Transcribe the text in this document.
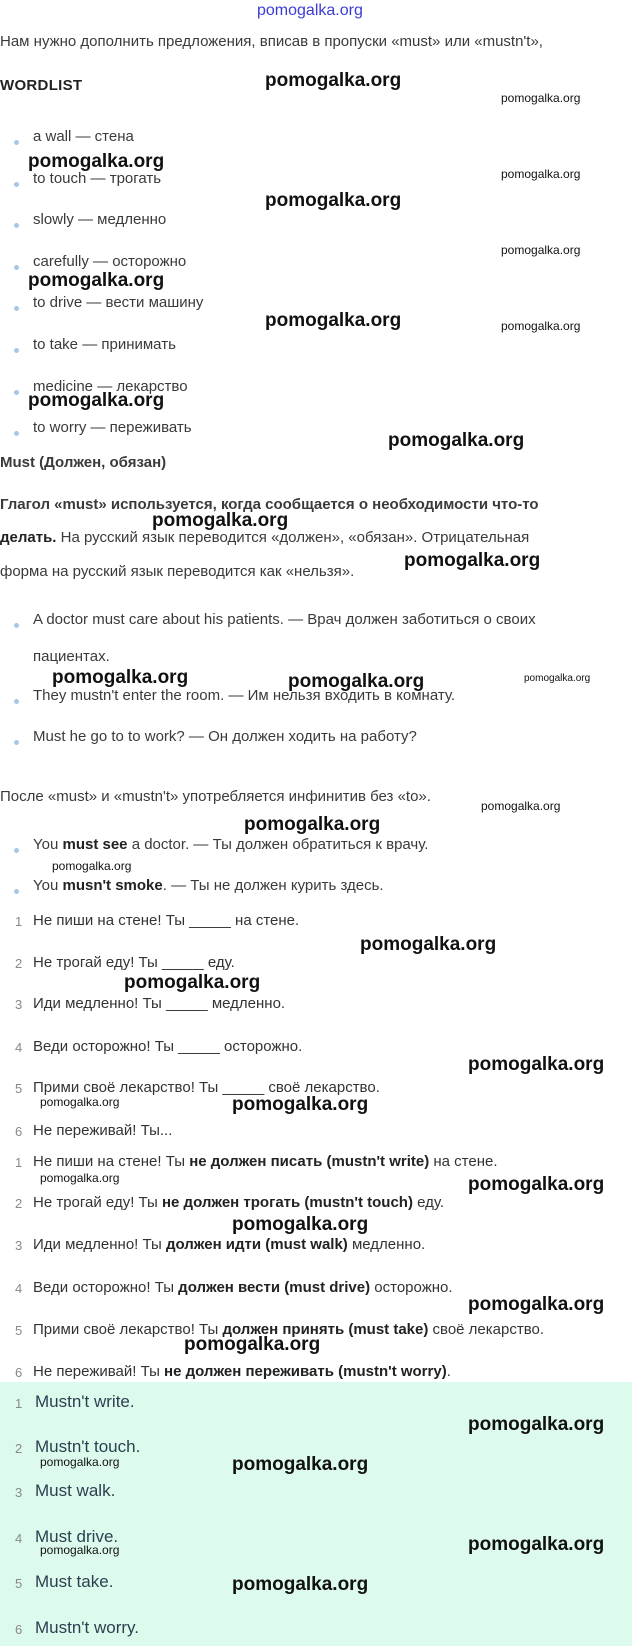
pomogalka.org
Нам нужно дополнить предложения, вписав в пропуски «must» или «mustn't»,
WORDLIST
a wall — стена
to touch — трогать
slowly — медленно
carefully — осторожно
to drive — вести машину
to take — принимать
medicine — лекарство
to worry — переживать
Must (Должен, обязан)
Глагол «must» используется, когда сообщается о необходимости что-то
делать. На русский язык переводится «должен», «обязан». Отрицательная
форма на русский язык переводится как «нельзя».
A doctor must care about his patients. — Врач должен заботиться о своих
пациентах.
They mustn't enter the room. — Им нельзя входить в комнату.
Must he go to to work? — Он должен ходить на работу?
После «must» и «mustn't» употребляется инфинитив без «to».
You must see a doctor. — Ты должен обратиться к врачу.
You musn't smoke. — Ты не должен курить здесь.
1 Не пиши на стене! Ты _____ на стене.
2 Не трогай еду! Ты _____ еду.
3 Иди медленно! Ты _____ медленно.
4 Веди осторожно! Ты _____ осторожно.
5 Прими своё лекарство! Ты _____ своё лекарство.
6 Не переживай! Ты...
1 Не пиши на стене! Ты не должен писать (mustn't write) на стене.
2 Не трогай еду! Ты не должен трогать (mustn't touch) еду.
3 Иди медленно! Ты должен идти (must walk) медленно.
4 Веди осторожно! Ты должен вести (must drive) осторожно.
5 Прими своё лекарство! Ты должен принять (must take) своё лекарство.
6 Не переживай! Ты не должен переживать (mustn't worry).
1 Mustn't write.
2 Mustn't touch.
3 Must walk.
4 Must drive.
5 Must take.
6 Mustn't worry.
pomogalka.org
pomogalka.org
pomogalka.org
pomogalka.org
pomogalka.org
pomogalka.org
pomogalka.org
pomogalka.org	pomogalka.org
pomogalka.org
pomogalka.org
pomogalka.org
pomogalka.org
pomogalka.org	pomogalka.org	pomogalka.org
pomogalka.org
pomogalka.org
pomogalka.org
pomogalka.org
pomogalka.org
pomogalka.org
pomogalka.org	pomogalka.org
pomogalka.org	pomogalka.org
pomogalka.org
pomogalka.org
pomogalka.org
pomogalka.org
pomogalka.org	pomogalka.org
pomogalka.org
pomogalka.org
pomogalka.org
